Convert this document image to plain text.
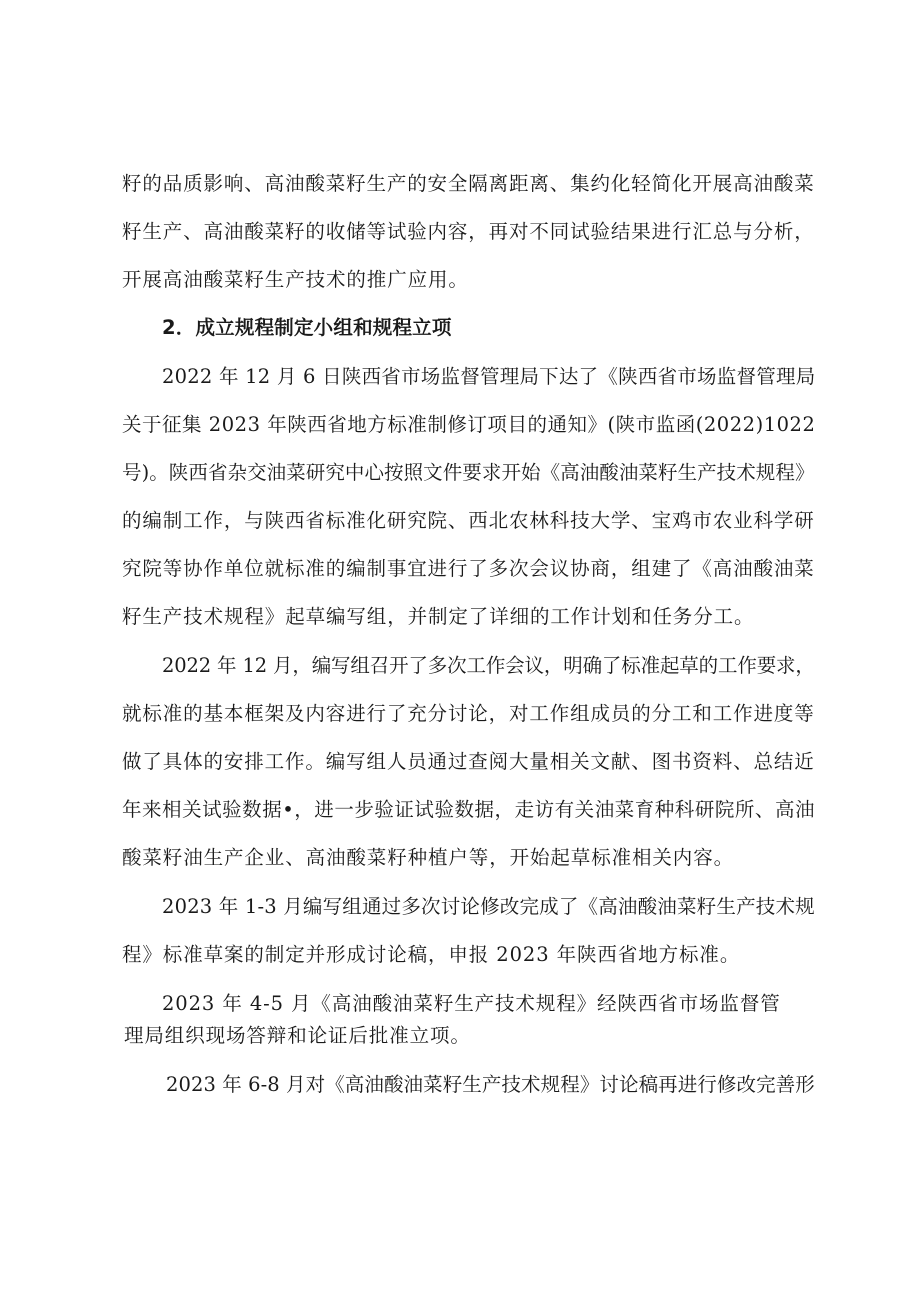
籽的品质影响、高油酸菜籽生产的安全隔离距离、集约化轻简化开展高油酸菜
籽生产、高油酸菜籽的收储等试验内容，再对不同试验结果进行汇总与分析，
开展高油酸菜籽生产技术的推广应用。
2．成立规程制定小组和规程立项
2022 年 12 月 6 日陕西省市场监督管理局下达了《陕西省市场监督管理局
关于征集 2023 年陕西省地方标准制修订项目的通知》(陕市监函(2022)1022
号)。陕西省杂交油菜研究中心按照文件要求开始《高油酸油菜籽生产技术规程》
的编制工作，与陕西省标准化研究院、西北农林科技大学、宝鸡市农业科学研
究院等协作单位就标准的编制事宜进行了多次会议协商，组建了《高油酸油菜
籽生产技术规程》起草编写组，并制定了详细的工作计划和任务分工。
2022 年 12 月，编写组召开了多次工作会议，明确了标准起草的工作要求，
就标准的基本框架及内容进行了充分讨论，对工作组成员的分工和工作进度等
做了具体的安排工作。编写组人员通过查阅大量相关文献、图书资料、总结近
年来相关试验数据•，进一步验证试验数据，走访有关油菜育种科研院所、高油
酸菜籽油生产企业、高油酸菜籽种植户等，开始起草标准相关内容。
2023 年 1-3 月编写组通过多次讨论修改完成了《高油酸油菜籽生产技术规
程》标准草案的制定并形成讨论稿，申报 2023 年陕西省地方标准。
2023 年 4-5 月《高油酸油菜籽生产技术规程》经陕西省市场监督管
理局组织现场答辩和论证后批准立项。
2023 年 6-8 月对《高油酸油菜籽生产技术规程》讨论稿再进行修改完善形
